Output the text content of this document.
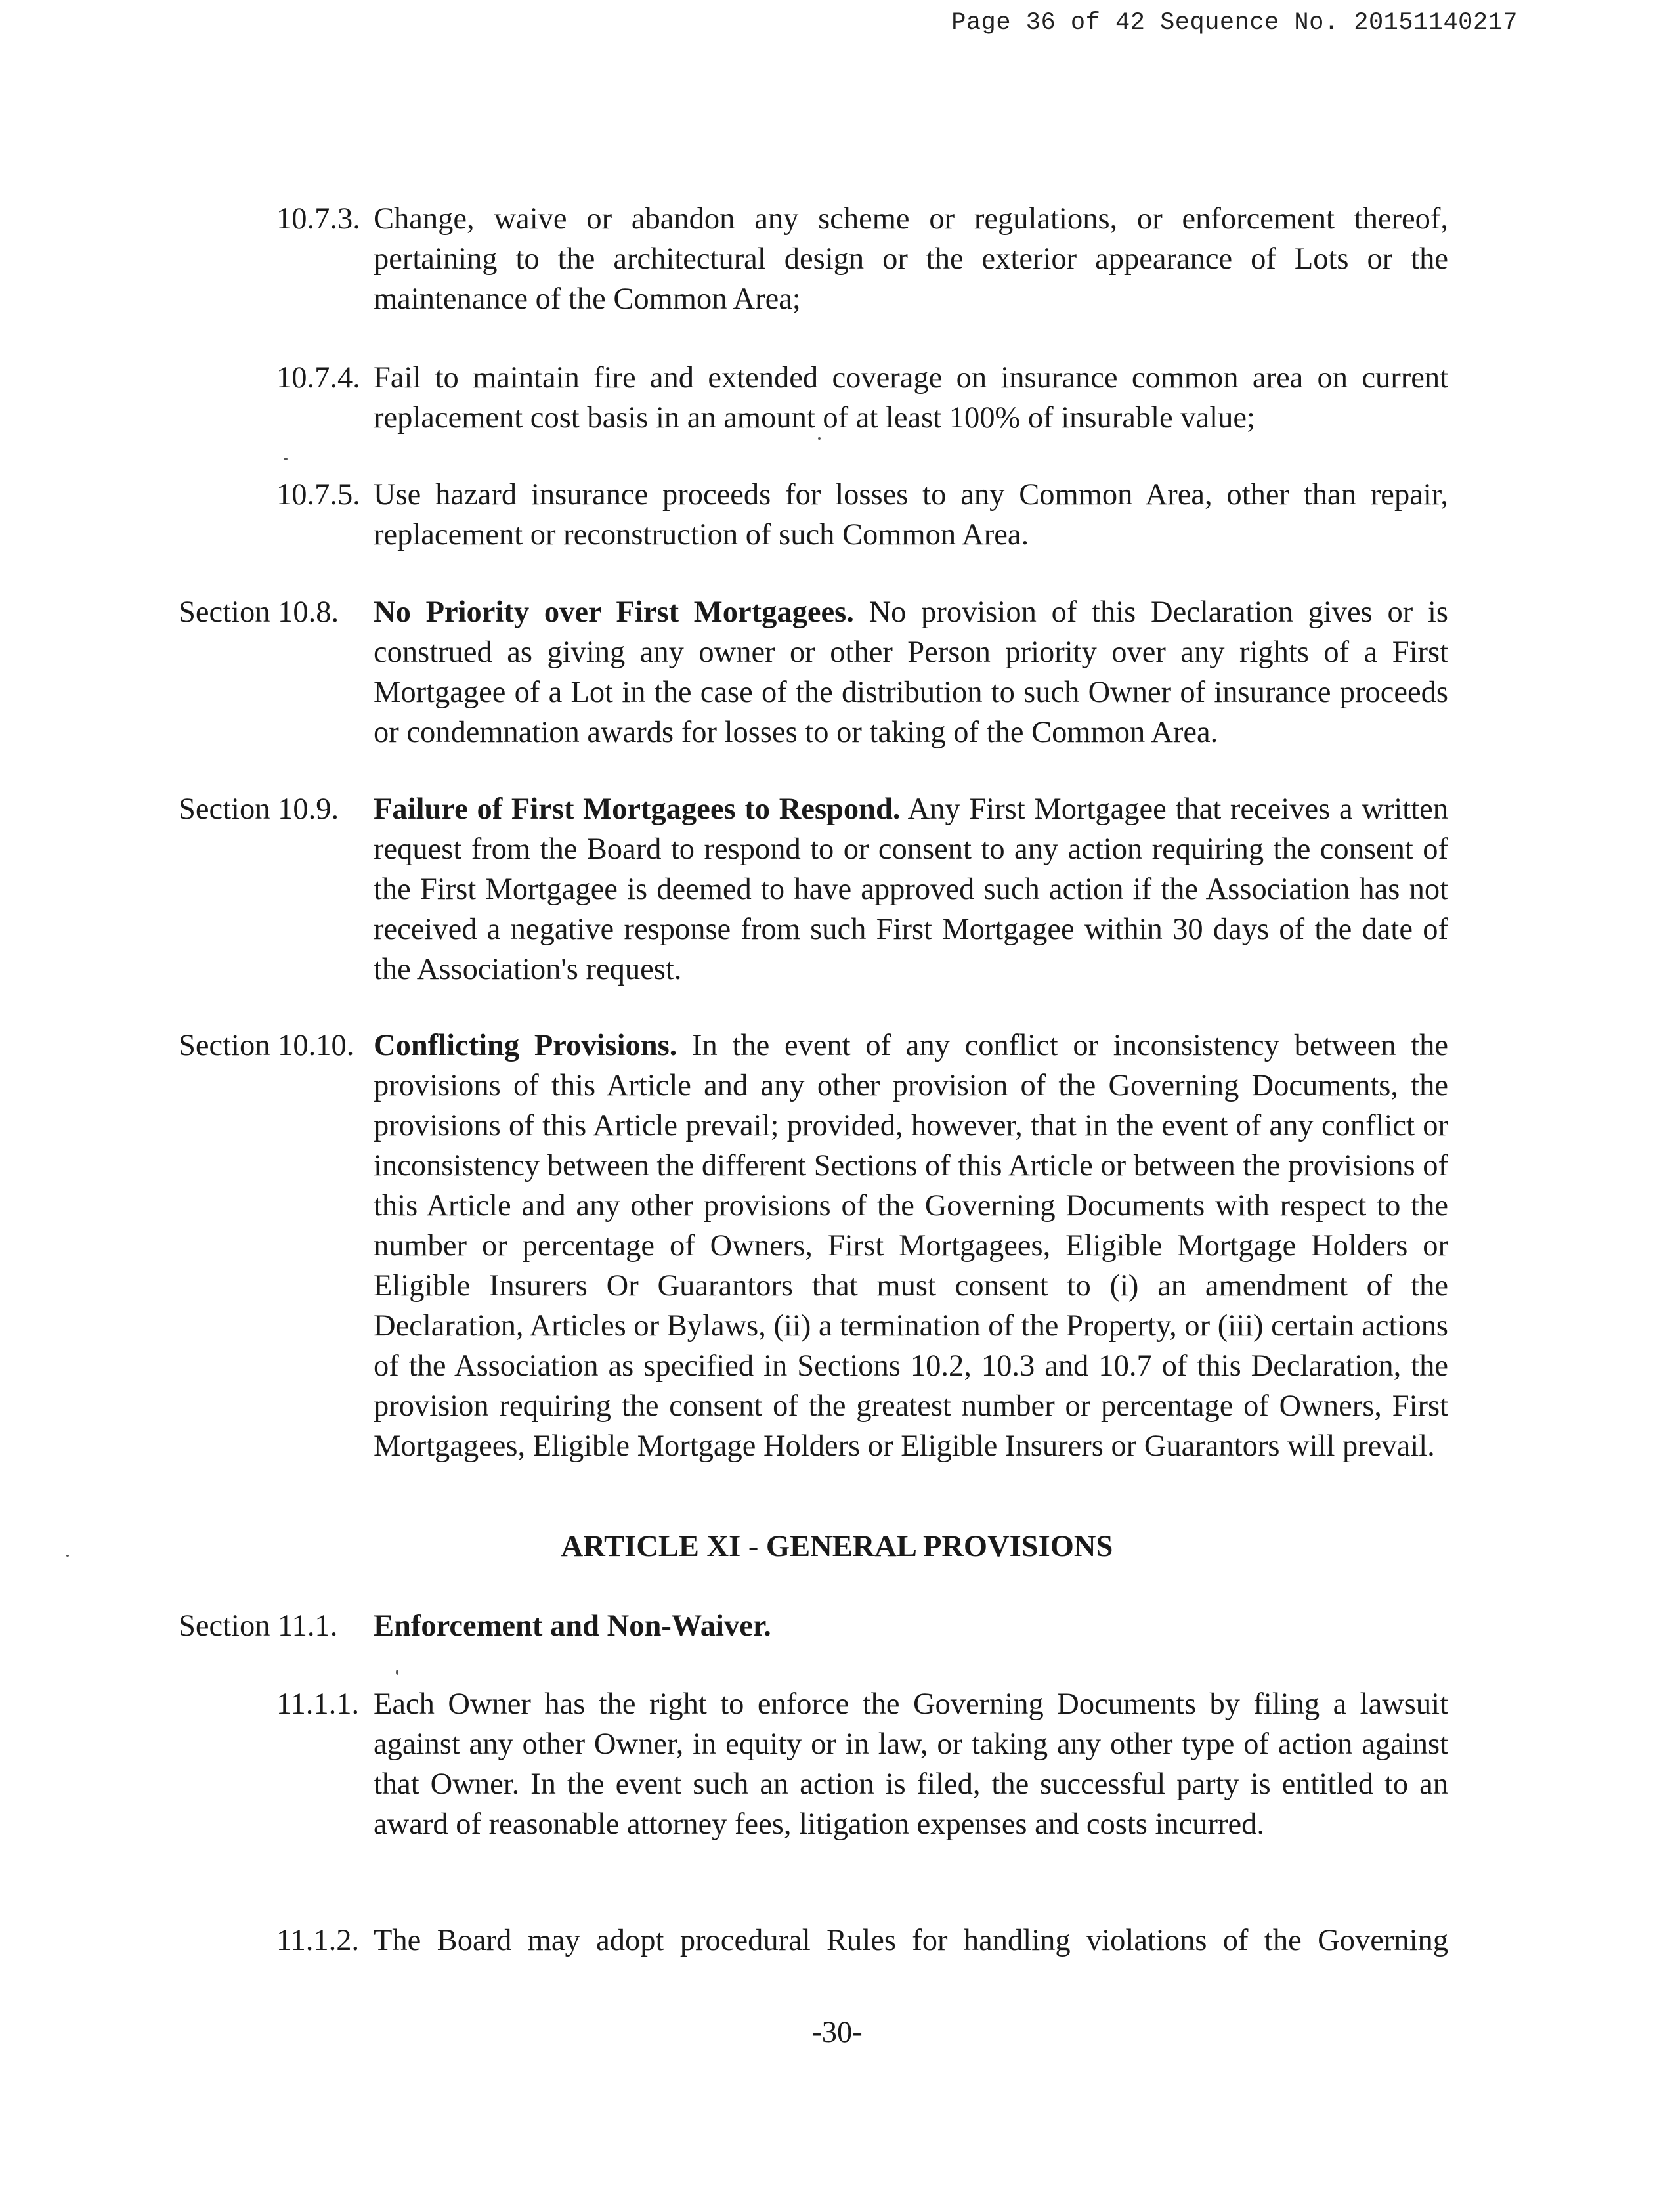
Page 36 of 42 Sequence No. 20151140217
10.7.3. Change, waive or abandon any scheme or regulations, or enforcement thereof, pertaining to the architectural design or the exterior appearance of Lots or the maintenance of the Common Area;
10.7.4. Fail to maintain fire and extended coverage on insurance common area on current replacement cost basis in an amount of at least 100% of insurable value;
10.7.5. Use hazard insurance proceeds for losses to any Common Area, other than repair, replacement or reconstruction of such Common Area.
Section 10.8. No Priority over First Mortgagees. No provision of this Declaration gives or is construed as giving any owner or other Person priority over any rights of a First Mortgagee of a Lot in the case of the distribution to such Owner of insurance proceeds or condemnation awards for losses to or taking of the Common Area.
Section 10.9. Failure of First Mortgagees to Respond. Any First Mortgagee that receives a written request from the Board to respond to or consent to any action requiring the consent of the First Mortgagee is deemed to have approved such action if the Association has not received a negative response from such First Mortgagee within 30 days of the date of the Association's request.
Section 10.10. Conflicting Provisions. In the event of any conflict or inconsistency between the provisions of this Article and any other provision of the Governing Documents, the provisions of this Article prevail; provided, however, that in the event of any conflict or inconsistency between the different Sections of this Article or between the provisions of this Article and any other provisions of the Governing Documents with respect to the number or percentage of Owners, First Mortgagees, Eligible Mortgage Holders or Eligible Insurers Or Guarantors that must consent to (i) an amendment of the Declaration, Articles or Bylaws, (ii) a termination of the Property, or (iii) certain actions of the Association as specified in Sections 10.2, 10.3 and 10.7 of this Declaration, the provision requiring the consent of the greatest number or percentage of Owners, First Mortgagees, Eligible Mortgage Holders or Eligible Insurers or Guarantors will prevail.
ARTICLE XI - GENERAL PROVISIONS
Section 11.1. Enforcement and Non-Waiver.
11.1.1. Each Owner has the right to enforce the Governing Documents by filing a lawsuit against any other Owner, in equity or in law, or taking any other type of action against that Owner. In the event such an action is filed, the successful party is entitled to an award of reasonable attorney fees, litigation expenses and costs incurred.
11.1.2. The Board may adopt procedural Rules for handling violations of the Governing
-30-
